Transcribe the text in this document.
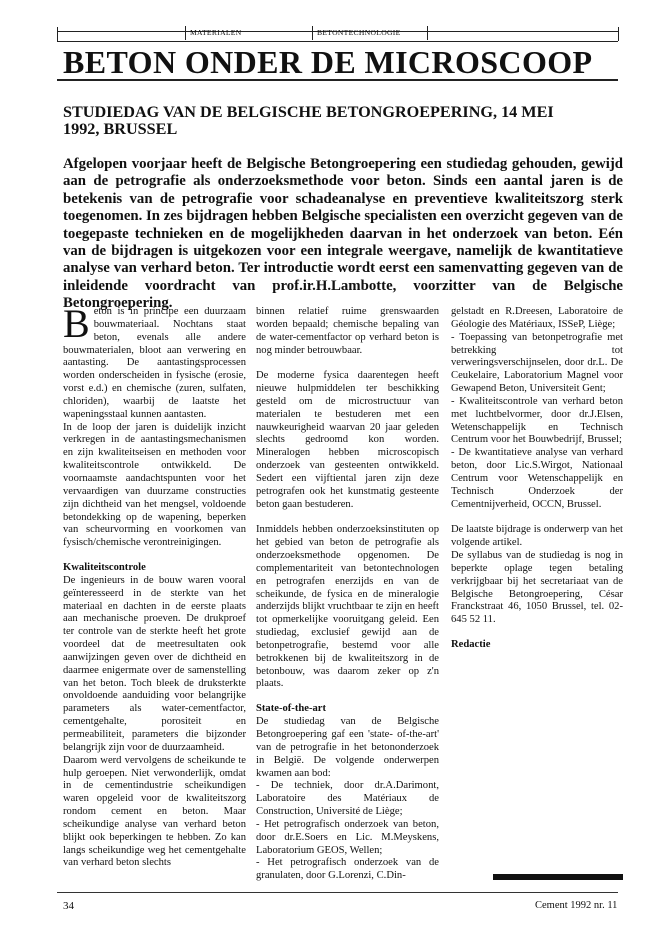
MATERIALEN	BETONTECHNOLOGIE
BETON ONDER DE MICROSCOOP

STUDIEDAG VAN DE BELGISCHE BETONGROEPERING, 14 MEI 1992, BRUSSEL

Afgelopen voorjaar heeft de Belgische Betongroepering een studiedag gehouden, gewijd aan de petrografie als onderzoeksmethode voor beton. Sinds een aantal jaren is de betekenis van de petrografie voor schadeanalyse en preventieve kwaliteitszorg sterk toegenomen. In zes bijdragen hebben Belgische specialisten een overzicht gegeven van de toegepaste technieken en de mogelijkheden daarvan in het onderzoek van beton. Eén van de bijdragen is uitgekozen voor een integrale weergave, namelijk de kwantitatieve analyse van verhard beton. Ter introductie wordt eerst een samenvatting gegeven van de inleidende voordracht van prof.ir.H.Lambotte, voorzitter van de Belgische Betongroepering.

Beton is in principe een duurzaam bouwmateriaal. Nochtans staat beton, evenals alle andere bouwmaterialen, bloot aan verwering en aantasting. De aantastingsprocessen worden onderscheiden in fysische (erosie, vorst e.d.) en chemische (zuren, sulfaten, chloriden), waarbij de laatste het wapeningsstaal kunnen aantasten.

In de loop der jaren is duidelijk inzicht verkregen in de aantastingsmechanismen en zijn kwaliteitseisen en methoden voor kwaliteitscontrole ontwikkeld. De voornaamste aandachtspunten voor het vervaardigen van duurzame constructies zijn dichtheid van het mengsel, voldoende betondekking op de wapening, beperken van scheurvorming en voorkomen van fysisch/chemische verontreinigingen.

Kwaliteitscontrole

De ingenieurs in de bouw waren vooral geïnteresseerd in de sterkte van het materiaal en dachten in de eerste plaats aan mechanische proeven. De drukproef ter controle van de sterkte heeft het grote voordeel dat de meetresultaten ook aanwijzingen geven over de dichtheid en daarmee enigermate over de samenstelling van het beton. Toch bleek de druksterkte onvoldoende aanduiding voor belangrijke parameters als water-cementfactor, cementgehalte, porositeit en permeabiliteit, parameters die bijzonder belangrijk zijn voor de duurzaamheid.

Daarom werd vervolgens de scheikunde te hulp geroepen. Niet verwonderlijk, omdat in de cementindustrie scheikundigen waren opgeleid voor de kwaliteitszorg rondom cement en beton. Maar scheikundige analyse van verhard beton blijkt ook beperkingen te hebben. Zo kan langs scheikundige weg het cementgehalte van verhard beton slechts

binnen relatief ruime grenswaarden worden bepaald; chemische bepaling van de water-cementfactor op verhard beton is nog minder betrouwbaar.

De moderne fysica daarentegen heeft nieuwe hulpmiddelen ter beschikking gesteld om de microstructuur van materialen te bestuderen met een nauwkeurigheid waarvan 20 jaar geleden slechts gedroomd kon worden. Mineralogen hebben microscopisch onderzoek van gesteenten ontwikkeld. Sedert een vijftiental jaren zijn deze petrografen ook het kunstmatig gesteente beton gaan bestuderen.

Inmiddels hebben onderzoeksinstituten op het gebied van beton de petrografie als onderzoeksmethode opgenomen. De complementariteit van betontechnologen en petrografen enerzijds en van de scheikunde, de fysica en de mineralogie anderzijds blijkt vruchtbaar te zijn en heeft tot opmerkelijke vooruitgang geleid. Een studiedag, exclusief gewijd aan de betonpetrografie, bestemd voor alle betrokkenen bij de kwaliteitszorg in de betonbouw, was daarom zeker op z'n plaats.

State-of-the-art

De studiedag van de Belgische Betongroepering gaf een 'state- of-the-art' van de petrografie in het betononderzoek in België. De volgende onderwerpen kwamen aan bod:

- De techniek, door dr.A.Darimont, Laboratoire des Matériaux de Construction, Université de Liège;

- Het petrografisch onderzoek van beton, door dr.E.Soers en Lic. M.Meyskens, Laboratorium GEOS, Wellen;

- Het petrografisch onderzoek van de granulaten, door G.Lorenzi, C.Din-

gelstadt en R.Dreesen, Laboratoire de Géologie des Matériaux, ISSeP, Liège;

- Toepassing van betonpetrografie met betrekking tot verweringsverschijnselen, door dr.L. De Ceukelaire, Laboratorium Magnel voor Gewapend Beton, Universiteit Gent;

- Kwaliteitscontrole van verhard beton met luchtbelvormer, door dr.J.Elsen, Wetenschappelijk en Technisch Centrum voor het Bouwbedrijf, Brussel;

- De kwantitatieve analyse van verhard beton, door Lic.S.Wirgot, Nationaal Centrum voor Wetenschappelijk en Technisch Onderzoek der Cementnijverheid, OCCN, Brussel.

De laatste bijdrage is onderwerp van het volgende artikel.

De syllabus van de studiedag is nog in beperkte oplage tegen betaling verkrijgbaar bij het secretariaat van de Belgische Betongroepering, César Franckstraat 46, 1050 Brussel, tel. 02-645 52 11.

Redactie
34	Cement 1992 nr. 11
